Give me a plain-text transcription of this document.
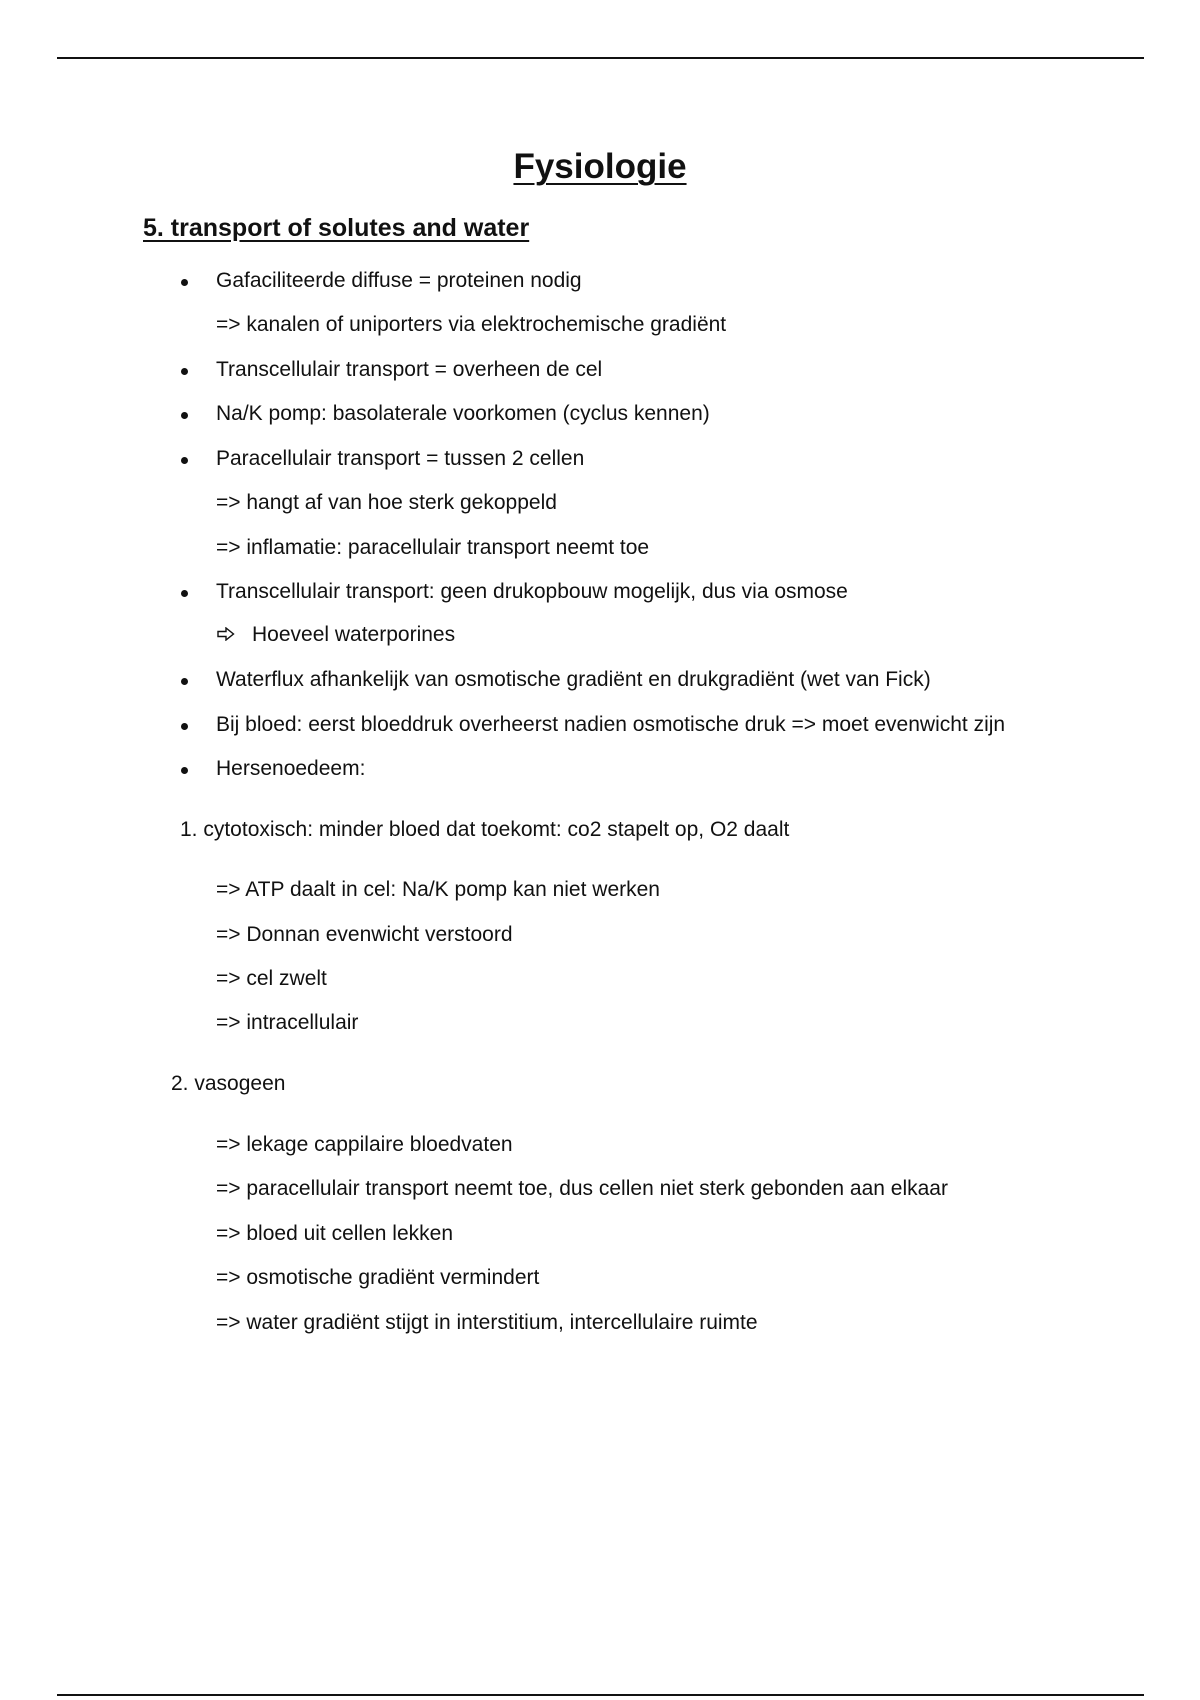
Fysiologie
5. transport of solutes and water

Gafaciliteerde diffuse = proteinen nodig

=> kanalen of uniporters via elektrochemische gradiënt

Transcellulair transport = overheen de cel

Na/K pomp: basolaterale voorkomen (cyclus kennen)

Paracellulair transport = tussen 2 cellen

=> hangt af van hoe sterk gekoppeld

=> inflamatie: paracellulair transport neemt toe

Transcellulair transport: geen drukopbouw mogelijk, dus via osmose

Hoeveel waterporines

Waterflux afhankelijk van osmotische gradiënt en drukgradiënt (wet van Fick)

Bij bloed: eerst bloeddruk overheerst nadien osmotische druk => moet evenwicht zijn

Hersenoedeem:

1. cytotoxisch: minder bloed dat toekomt: co2 stapelt op, O2 daalt

=> ATP daalt in cel: Na/K pomp kan niet werken

=> Donnan evenwicht verstoord

=> cel zwelt

=> intracellulair

2. vasogeen

=> lekage cappilaire bloedvaten

=> paracellulair transport neemt toe, dus cellen niet sterk gebonden aan elkaar

=> bloed uit cellen lekken

=> osmotische gradiënt vermindert

=> water gradiënt stijgt in interstitium, intercellulaire ruimte
